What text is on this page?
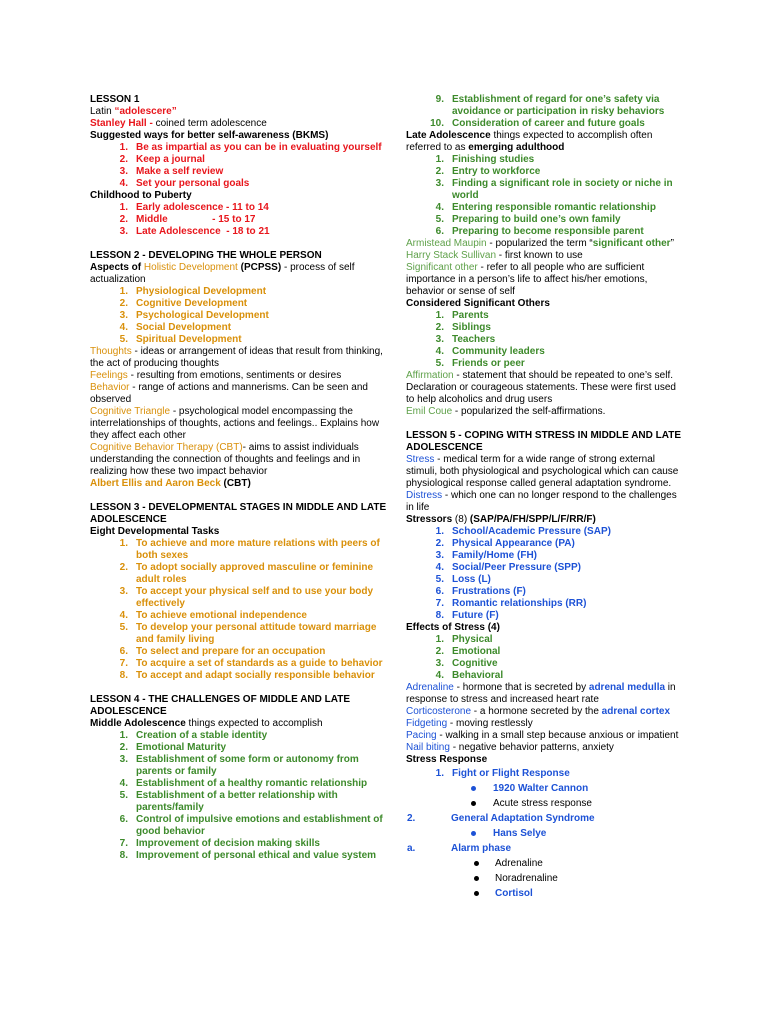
LESSON 1

Latin “adolescere”

Stanley Hall - coined term adolescence

Suggested ways for better self-awareness (BKMS)

1. Be as impartial as you can be in evaluating yourself
2. Keep a journal
3. Make a self review
4. Set your personal goals

Childhood to Puberty

1. Early adolescence - 11 to 14
2. Middle                - 15 to 17
3. Late Adolescence  - 18 to 21

LESSON 2 - DEVELOPING THE WHOLE PERSON

Aspects of Holistic Development (PCPSS) - process of self actualization

1. Physiological Development
2. Cognitive Development
3. Psychological Development
4. Social Development
5. Spiritual Development

Thoughts - ideas or arrangement of ideas that result from thinking, the act of producing thoughts

Feelings - resulting from emotions, sentiments or desires

Behavior - range of actions and mannerisms. Can be seen and observed

Cognitive Triangle - psychological model encompassing the interrelationships of thoughts, actions and feelings.. Explains how they affect each other

Cognitive Behavior Therapy (CBT)- aims to assist individuals understanding the connection of thoughts and feelings and in realizing how these two impact behavior

Albert Ellis and Aaron Beck (CBT)

LESSON 3 - DEVELOPMENTAL STAGES IN MIDDLE AND LATE ADOLESCENCE

Eight Developmental Tasks

1. To achieve and more mature relations with peers of both sexes
2. To adopt socially approved masculine or feminine adult roles
3. To accept your physical self and to use your body effectively
4. To achieve emotional independence
5. To develop your personal attitude toward marriage and family living
6. To select and prepare for an occupation
7. To acquire a set of standards as a guide to behavior
8. To accept and adapt socially responsible behavior

LESSON 4 - THE CHALLENGES OF MIDDLE AND LATE ADOLESCENCE

Middle Adolescence things expected to accomplish

1. Creation of a stable identity
2. Emotional Maturity
3. Establishment of some form or autonomy from parents or family
4. Establishment of a healthy romantic relationship
5. Establishment of a better relationship with parents/family
6. Control of impulsive emotions and establishment of good behavior
7. Improvement of decision making skills
8. Improvement of personal ethical and value system
9. Establishment of regard for one’s safety via avoidance or participation in risky behaviors
10. Consideration of career and future goals

Late Adolescence things expected to accomplish often referred to as emerging adulthood

1. Finishing studies
2. Entry to workforce
3. Finding a significant role in society or niche in world
4. Entering responsible romantic relationship
5. Preparing to build one’s own family
6. Preparing to become responsible parent

Armistead Maupin - popularized the term “significant other”

Harry Stack Sullivan - first known to use

Significant other - refer to all people who are sufficient importance in a person’s life to affect his/her emotions, behavior or sense of self

Considered Significant Others

1. Parents
2. Siblings
3. Teachers
4. Community leaders
5. Friends or peer

Affirmation - statement that should be repeated to one’s self. Declaration or courageous statements. These were first used to help alcoholics and drug users

Emil Coue - popularized the self-affirmations.

LESSON 5 - COPING WITH STRESS IN MIDDLE AND LATE ADOLESCENCE

Stress - medical term for a wide range of strong external stimuli, both physiological and psychological which can cause physiological response called general adaptation syndrome.

Distress - which one can no longer respond to the challenges in life

Stressors (8) (SAP/PA/FH/SPP/L/F/RR/F)

1. School/Academic Pressure (SAP)
2. Physical Appearance (PA)
3. Family/Home (FH)
4. Social/Peer Pressure (SPP)
5. Loss (L)
6. Frustrations (F)
7. Romantic relationships (RR)
8. Future (F)

Effects of Stress (4)

1. Physical
2. Emotional
3. Cognitive
4. Behavioral

Adrenaline - hormone that is secreted by adrenal medulla in response to stress and increased heart rate

Corticosterone - a hormone secreted by the adrenal cortex

Fidgeting - moving restlessly

Pacing - walking in a small step because anxious or impatient

Nail biting - negative behavior patterns, anxiety

Stress Response

1. Fight or Flight Response
1920 Walter Cannon
Acute stress response
2.	General Adaptation Syndrome
Hans Selye
a.	Alarm phase
Adrenaline
Noradrenaline
Cortisol
